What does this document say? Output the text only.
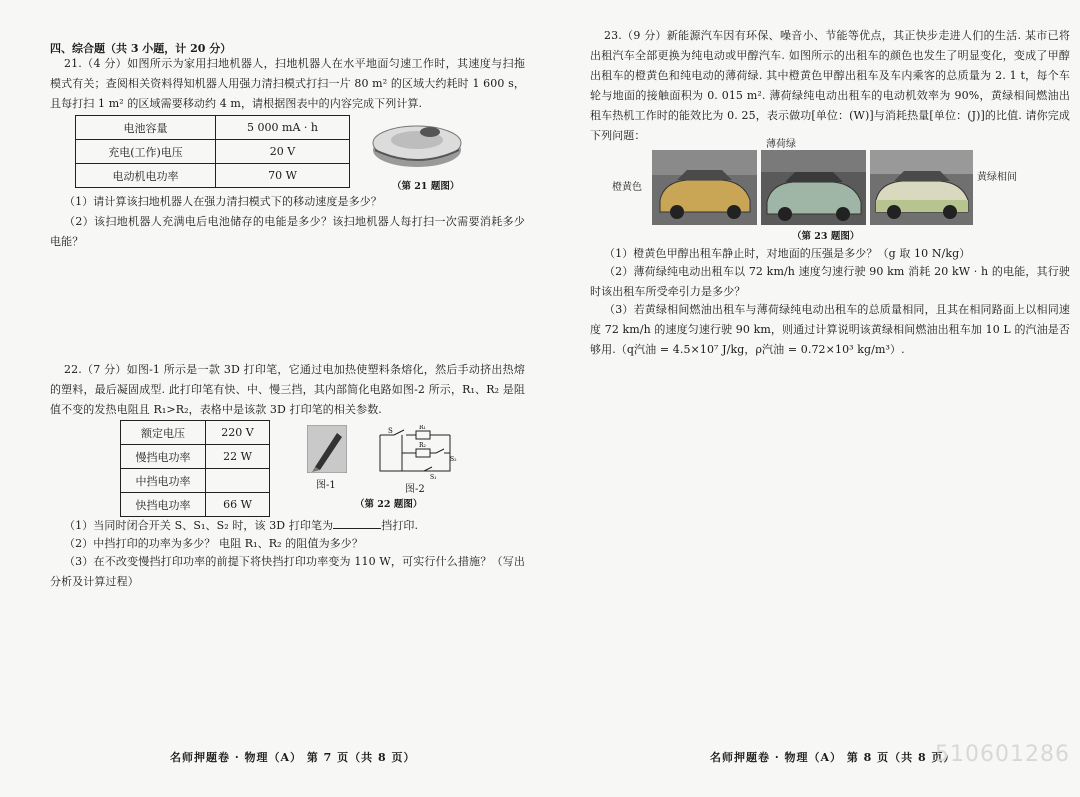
四、综合题（共 3 小题，计 20 分）
21.（4 分）如图所示为家用扫地机器人，扫地机器人在水平地面匀速工作时，其速度与扫拖模式有关；查阅相关资料得知机器人用强力清扫模式打扫一片 80 m² 的区域大约耗时 1 600 s，且每打扫 1 m² 的区域需要移动约 4 m，请根据图表中的内容完成下列计算.
电池容量	5 000 mA · h
充电(工作)电压	20 V
电动机电功率	70 W
（第 21 题图）
（1）请计算该扫地机器人在强力清扫模式下的移动速度是多少？
（2）该扫地机器人充满电后电池储存的电能是多少？该扫地机器人每打扫一次需要消耗多少电能？
22.（7 分）如图-1 所示是一款 3D 打印笔，它通过电加热使塑料条熔化，然后手动挤出热熔的塑料，最后凝固成型. 此打印笔有快、中、慢三挡，其内部简化电路如图-2 所示，R₁、R₂ 是阻值不变的发热电阻且 R₁>R₂，表格中是该款 3D 打印笔的相关参数.
额定电压	220 V
慢挡电功率	22 W
中挡电功率	
快挡电功率	66 W
图-1
S	R₁
R₂
S₂
S₁
图-2
（第 22 题图）
（1）当同时闭合开关 S、S₁、S₂ 时，该 3D 打印笔为	挡打印.
（2）中挡打印的功率为多少？ 电阻 R₁、R₂ 的阻值为多少？
（3）在不改变慢挡打印功率的前提下将快挡打印功率变为 110 W，可实行什么措施？（写出分析及计算过程）
名师押题卷 · 物理（A） 第 7 页（共 8 页）
23.（9 分）新能源汽车因有环保、噪音小、节能等优点，其正快步走进人们的生活. 某市已将出租汽车全部更换为纯电动或甲醇汽车. 如图所示的出租车的颜色也发生了明显变化，变成了甲醇出租车的橙黄色和纯电动的薄荷绿. 其中橙黄色甲醇出租车及车内乘客的总质量为 2. 1 t，每个车轮与地面的接触面积为 0. 015 m². 薄荷绿纯电动出租车的电动机效率为 90%，黄绿相间燃油出租车热机工作时的能效比为 0. 25，表示做功[单位：(W)]与消耗热量[单位：(J)]的比值. 请你完成下列问题：
薄荷绿
橙黄色
黄绿相间
（第 23 题图）
（1）橙黄色甲醇出租车静止时，对地面的压强是多少？（g 取 10 N/kg）
（2）薄荷绿纯电动出租车以 72 km/h 速度匀速行驶 90 km 消耗 20 kW · h 的电能，其行驶时该出租车所受牵引力是多少？
（3）若黄绿相间燃油出租车与薄荷绿纯电动出租车的总质量相同，且其在相同路面上以相同速度 72 km/h 的速度匀速行驶 90 km，则通过计算说明该黄绿相间燃油出租车加 10 L 的汽油是否够用.（q汽油 = 4.5×10⁷ J/kg，ρ汽油 = 0.72×10³ kg/m³）.
名师押题卷 · 物理（A） 第 8 页（共 8 页）
510601286
